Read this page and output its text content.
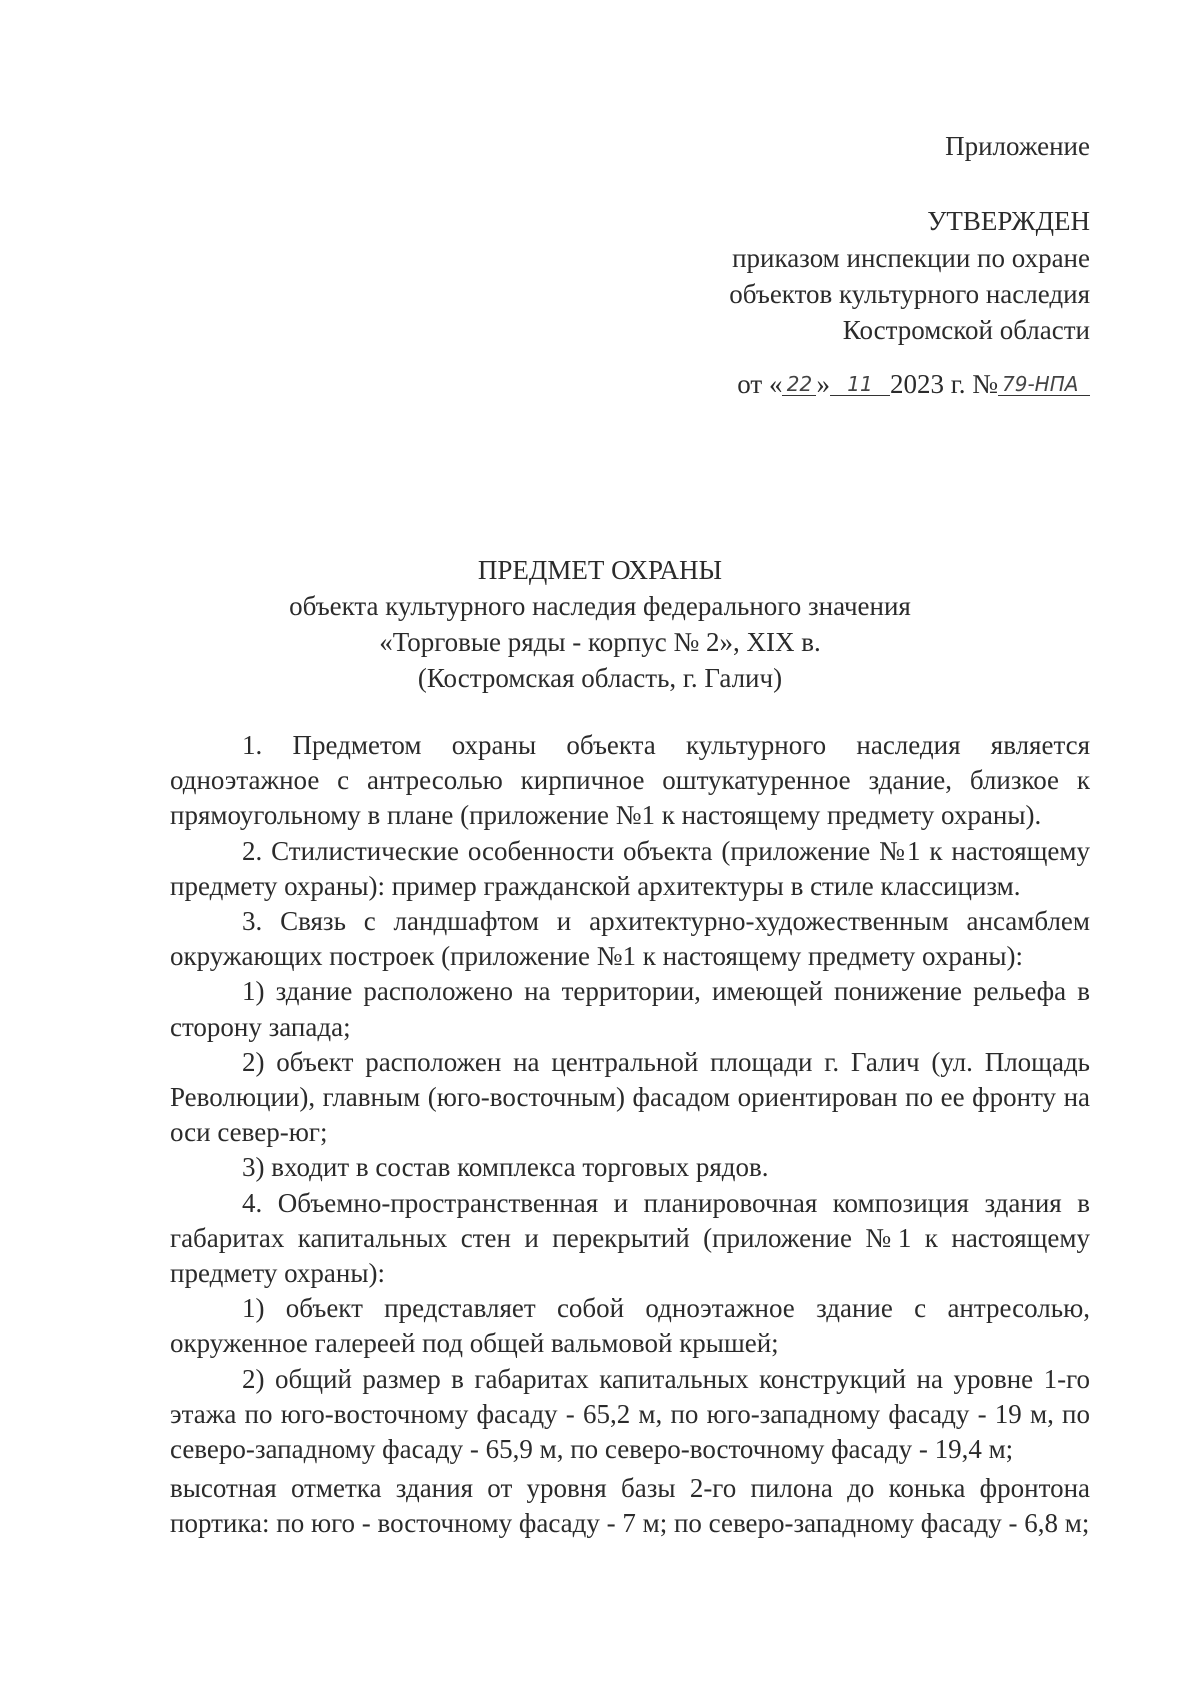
Приложение
УТВЕРЖДЕН
приказом инспекции по охране
объектов культурного наследия
Костромской области
от « 22 » 11 2023 г. № 79-НПА
ПРЕДМЕТ ОХРАНЫ
объекта культурного наследия федерального значения
«Торговые ряды - корпус № 2», XIX в.
(Костромская область, г. Галич)

1. Предметом охраны объекта культурного наследия является одноэтажное с антресолью кирпичное оштукатуренное здание, близкое к прямоугольному в плане (приложение №1 к настоящему предмету охраны).

2. Стилистические особенности объекта (приложение №1 к настоящему предмету охраны): пример гражданской архитектуры в стиле классицизм.

3. Связь с ландшафтом и архитектурно-художественным ансамблем окружающих построек (приложение №1 к настоящему предмету охраны):

1) здание расположено на территории, имеющей понижение рельефа в сторону запада;

2) объект расположен на центральной площади г. Галич (ул. Площадь Революции), главным (юго-восточным) фасадом ориентирован по ее фронту на оси север-юг;

3) входит в состав комплекса торговых рядов.

4. Объемно-пространственная и планировочная композиция здания в габаритах капитальных стен и перекрытий (приложение №1 к настоящему предмету охраны):

1) объект представляет собой одноэтажное здание с антресолью, окруженное галереей под общей вальмовой крышей;

2) общий размер в габаритах капитальных конструкций на уровне 1-го этажа по юго-восточному фасаду - 65,2 м, по юго-западному фасаду - 19 м, по северо-западному фасаду - 65,9 м, по северо-восточному фасаду - 19,4 м;

высотная отметка здания от уровня базы 2-го пилона до конька фронтона портика: по юго - восточному фасаду - 7 м; по северо-западному фасаду - 6,8 м;
